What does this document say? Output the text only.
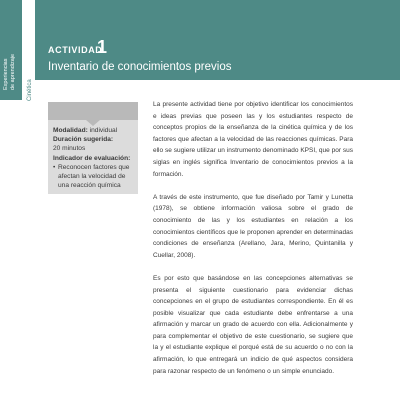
Experiencias de aprendizaje
Cinética
ACTIVIDAD
1
Inventario de conocimientos previos
Modalidad: individual
Duración sugerida:
20 minutos
Indicador de evaluación:
• Reconocen factores que
afectan la velocidad de
una reacción química

La presente actividad tiene por objetivo identificar los conocimientos e ideas previas que poseen las y los estudiantes respecto de conceptos propios de la enseñanza de la cinética química y de los factores que afectan a la velocidad de las reacciones químicas. Para ello se sugiere utilizar un instrumento denominado KPSI, que por sus siglas en inglés significa Inventario de conocimientos previos a la formación.

A través de este instrumento, que fue diseñado por Tamir y Lunetta (1978), se obtiene información valiosa sobre el grado de conocimiento de las y los estudiantes en relación a los conocimientos científicos que le proponen aprender en determinadas condiciones de enseñanza (Arellano, Jara, Merino, Quintanilla y Cuellar, 2008).

Es por esto que basándose en las concepciones alternativas se presenta el siguiente cuestionario para evidenciar dichas concepciones en el grupo de estudiantes correspondiente. En él es posible visualizar que cada estudiante debe enfrentarse a una afirmación y marcar un grado de acuerdo con ella. Adicionalmente y para complementar el objetivo de este cuestionario, se sugiere que la y el estudiante explique el porqué está de su acuerdo o no con la afirmación, lo que entregará un indicio de qué aspectos considera para razonar respecto de un fenómeno o un simple enunciado.
